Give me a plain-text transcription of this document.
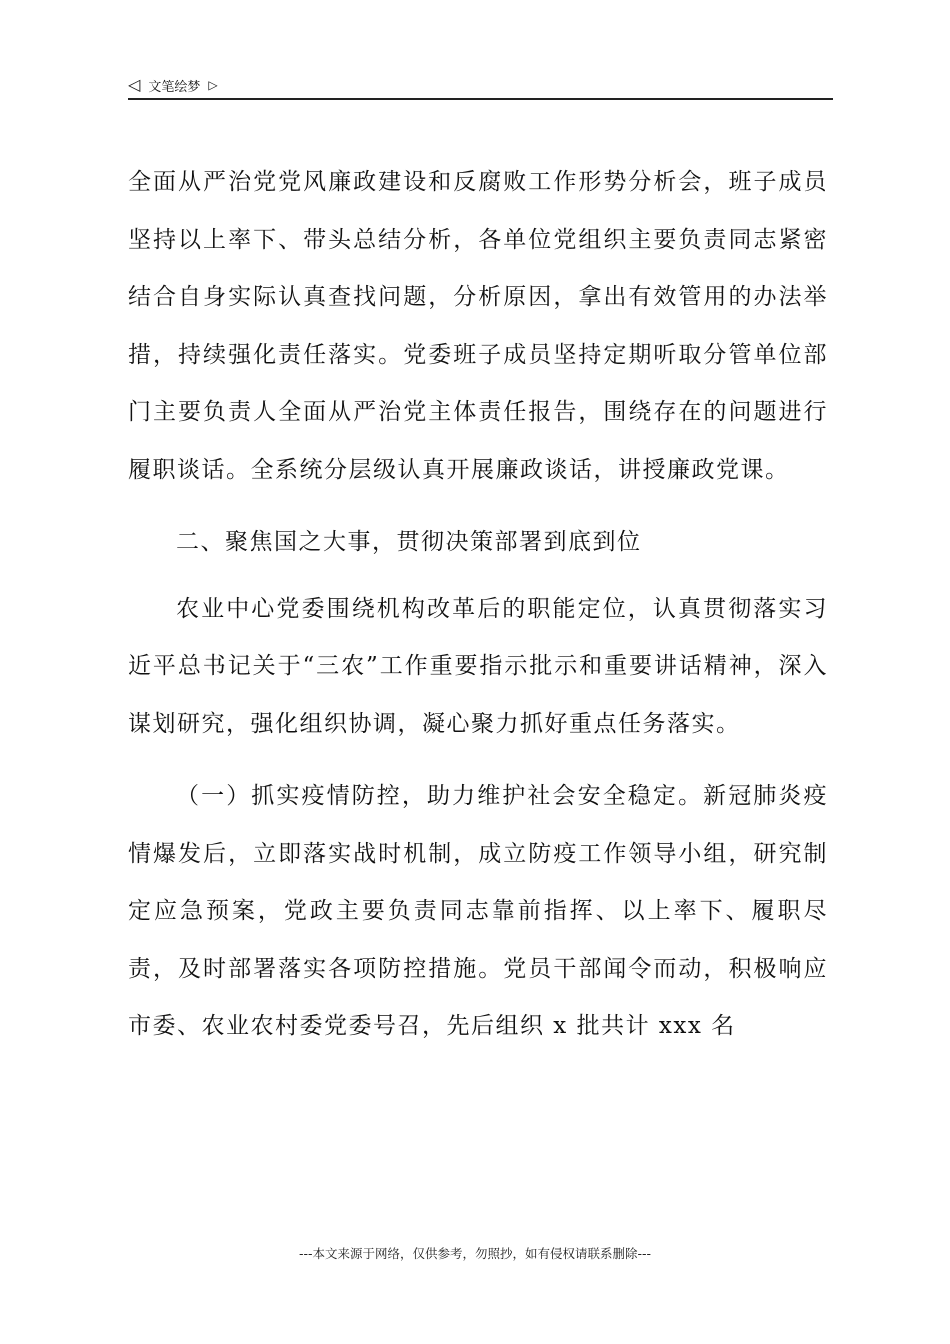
◁ 文笔绘梦 ▷

全面从严治党党风廉政建设和反腐败工作形势分析会，班子成员坚持以上率下、带头总结分析，各单位党组织主要负责同志紧密结合自身实际认真查找问题，分析原因，拿出有效管用的办法举措，持续强化责任落实。党委班子成员坚持定期听取分管单位部门主要负责人全面从严治党主体责任报告，围绕存在的问题进行履职谈话。全系统分层级认真开展廉政谈话，讲授廉政党课。

二、聚焦国之大事，贯彻决策部署到底到位

农业中心党委围绕机构改革后的职能定位，认真贯彻落实习近平总书记关于“三农”工作重要指示批示和重要讲话精神，深入谋划研究，强化组织协调，凝心聚力抓好重点任务落实。

（一）抓实疫情防控，助力维护社会安全稳定。新冠肺炎疫情爆发后，立即落实战时机制，成立防疫工作领导小组，研究制定应急预案，党政主要负责同志靠前指挥、以上率下、履职尽责，及时部署落实各项防控措施。党员干部闻令而动，积极响应市委、农业农村委党委号召，先后组织 x 批共计 xxx 名

---本文来源于网络，仅供参考，勿照抄，如有侵权请联系删除---
